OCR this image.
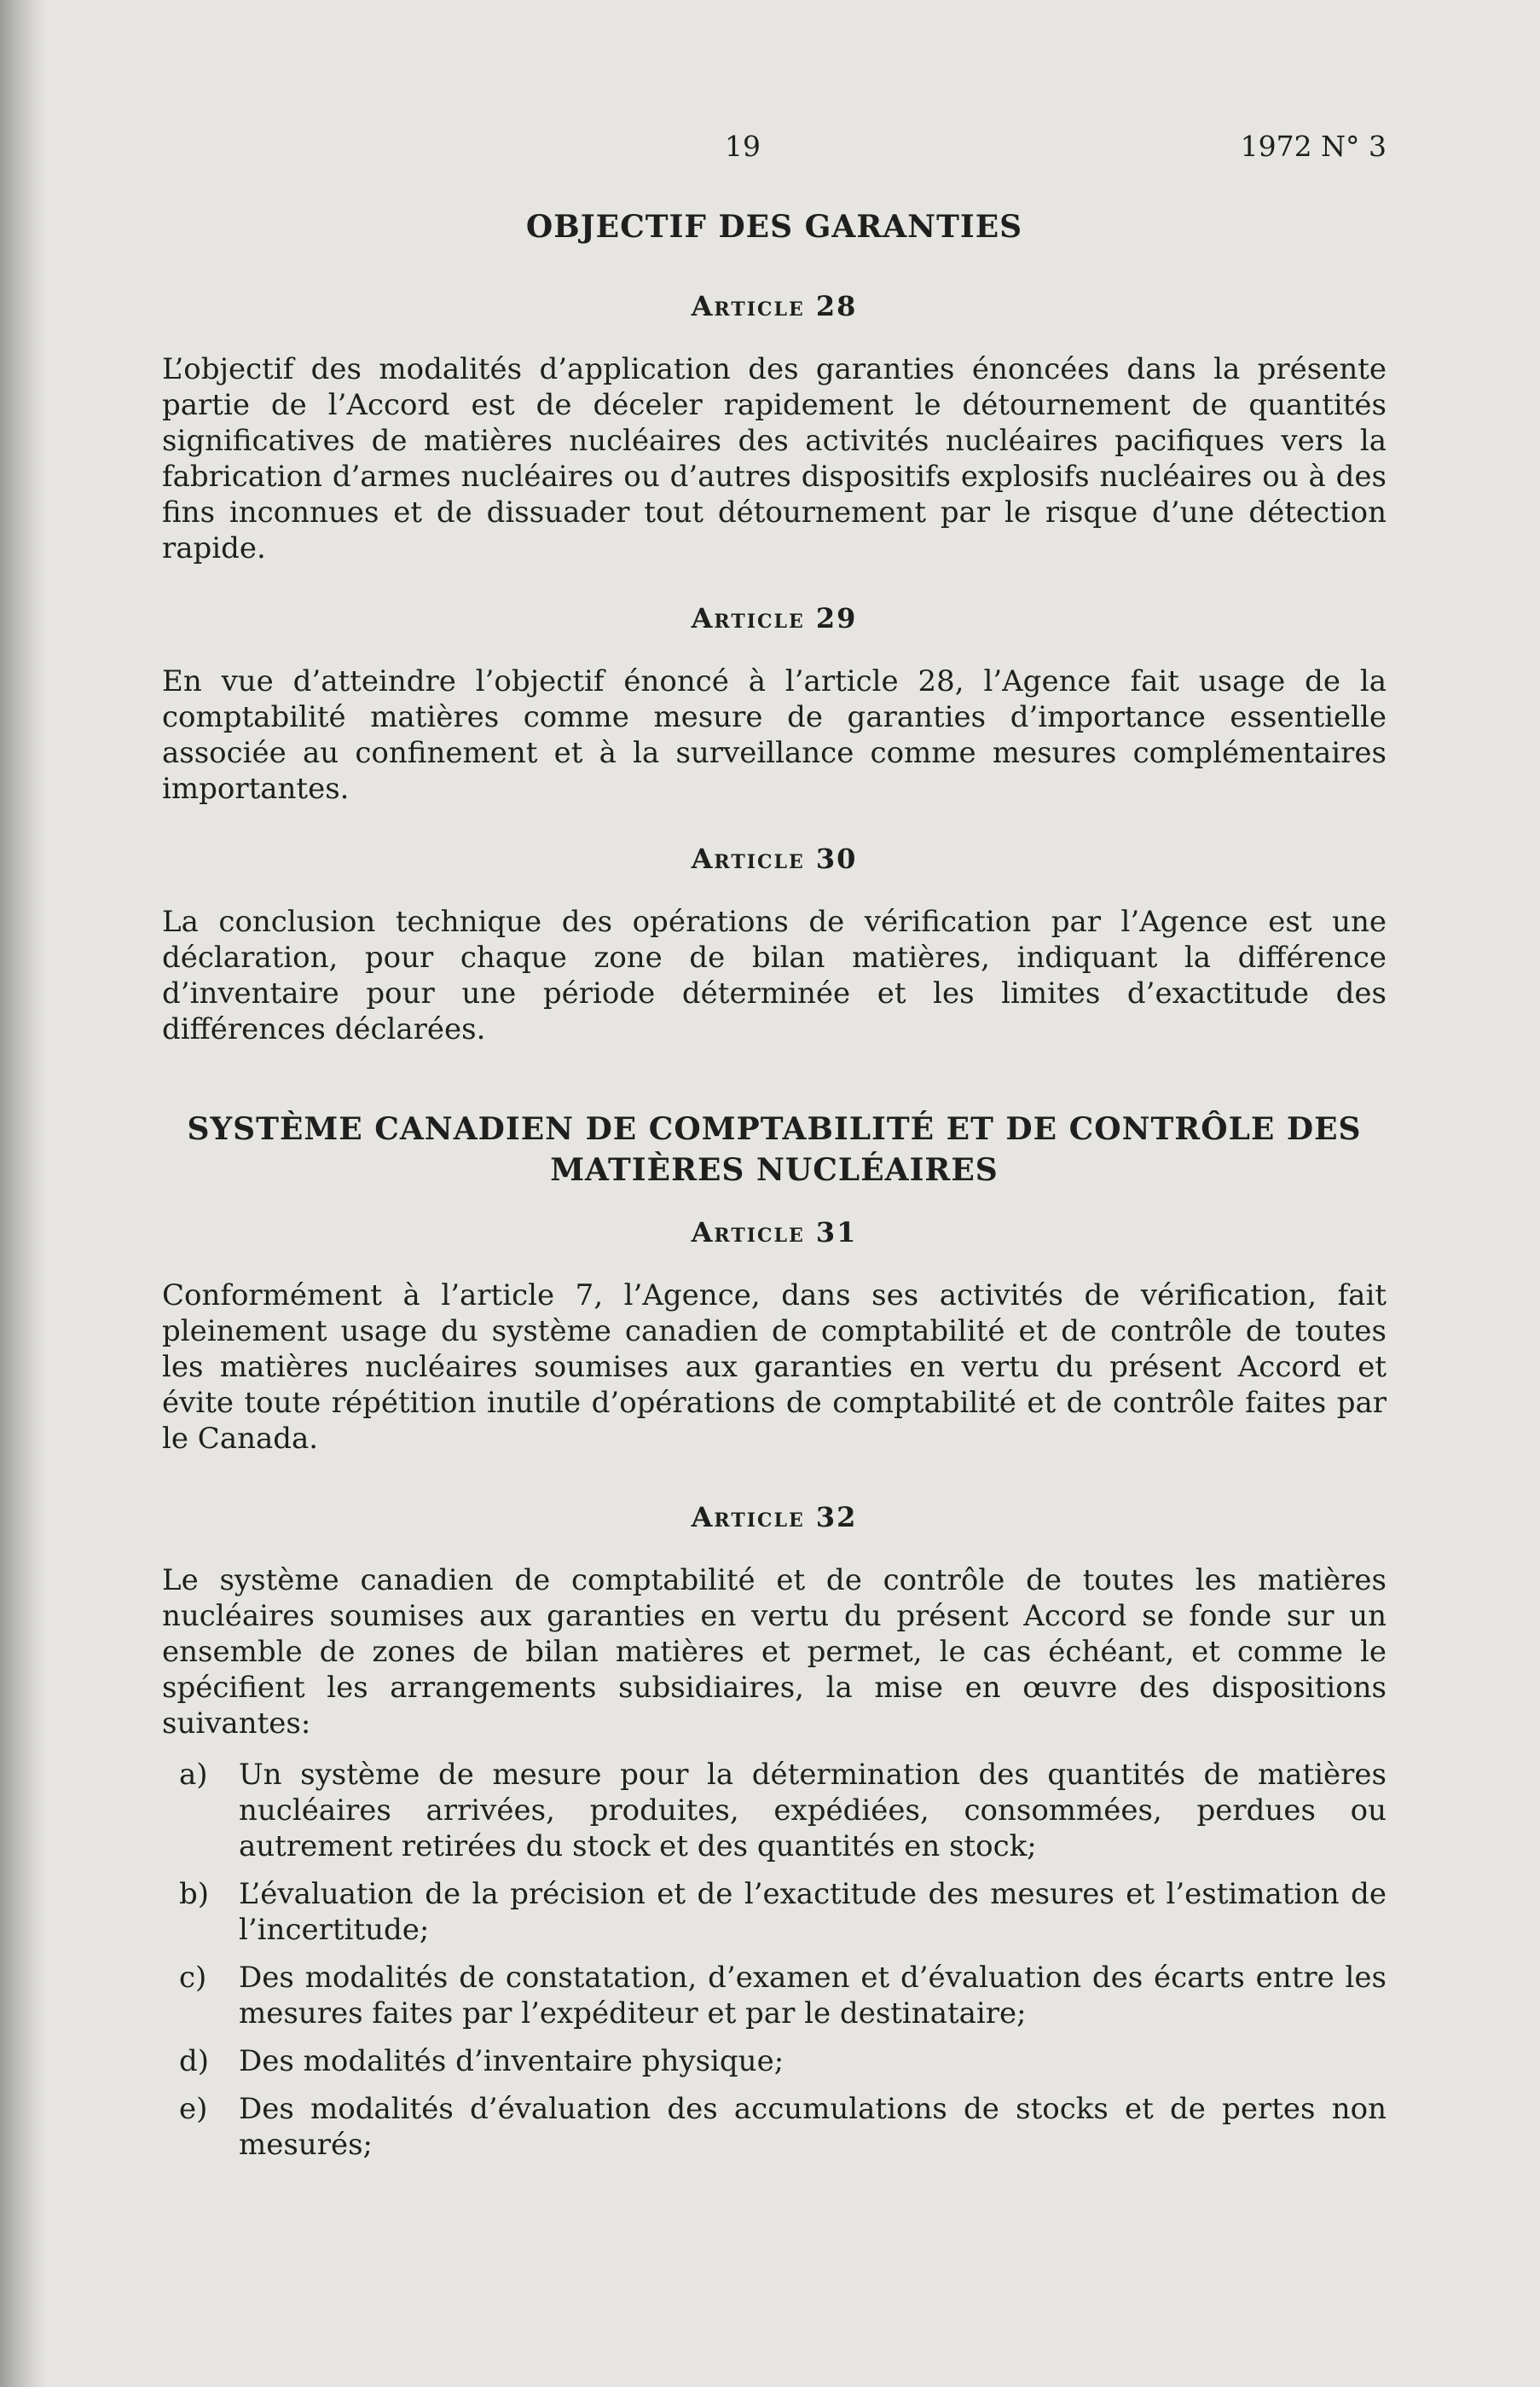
19	1972 N° 3
OBJECTIF DES GARANTIES
Article 28

L’objectif des modalités d’application des garanties énoncées dans la présente partie de l’Accord est de déceler rapidement le détournement de quantités significatives de matières nucléaires des activités nucléaires pacifiques vers la fabrication d’armes nucléaires ou d’autres dispositifs explosifs nucléaires ou à des fins inconnues et de dissuader tout détournement par le risque d’une détection rapide.

Article 29

En vue d’atteindre l’objectif énoncé à l’article 28, l’Agence fait usage de la comptabilité matières comme mesure de garanties d’importance essentielle associée au confinement et à la surveillance comme mesures complémentaires importantes.

Article 30

La conclusion technique des opérations de vérification par l’Agence est une déclaration, pour chaque zone de bilan matières, indiquant la différence d’inventaire pour une période déterminée et les limites d’exactitude des différences déclarées.

SYSTÈME CANADIEN DE COMPTABILITÉ ET DE CONTRÔLE DES
MATIÈRES NUCLÉAIRES
Article 31

Conformément à l’article 7, l’Agence, dans ses activités de vérification, fait pleinement usage du système canadien de comptabilité et de contrôle de toutes les matières nucléaires soumises aux garanties en vertu du présent Accord et évite toute répétition inutile d’opérations de comptabilité et de contrôle faites par le Canada.

Article 32

Le système canadien de comptabilité et de contrôle de toutes les matières nucléaires soumises aux garanties en vertu du présent Accord se fonde sur un ensemble de zones de bilan matières et permet, le cas échéant, et comme le spécifient les arrangements subsidiaires, la mise en œuvre des dispositions suivantes:

a)	Un système de mesure pour la détermination des quantités de matières nucléaires arrivées, produites, expédiées, consommées, perdues ou autrement retirées du stock et des quantités en stock;
b)	L’évaluation de la précision et de l’exactitude des mesures et l’estimation de l’incertitude;
c)	Des modalités de constatation, d’examen et d’évaluation des écarts entre les mesures faites par l’expéditeur et par le destinataire;
d)	Des modalités d’inventaire physique;
e)	Des modalités d’évaluation des accumulations de stocks et de pertes non mesurés;
